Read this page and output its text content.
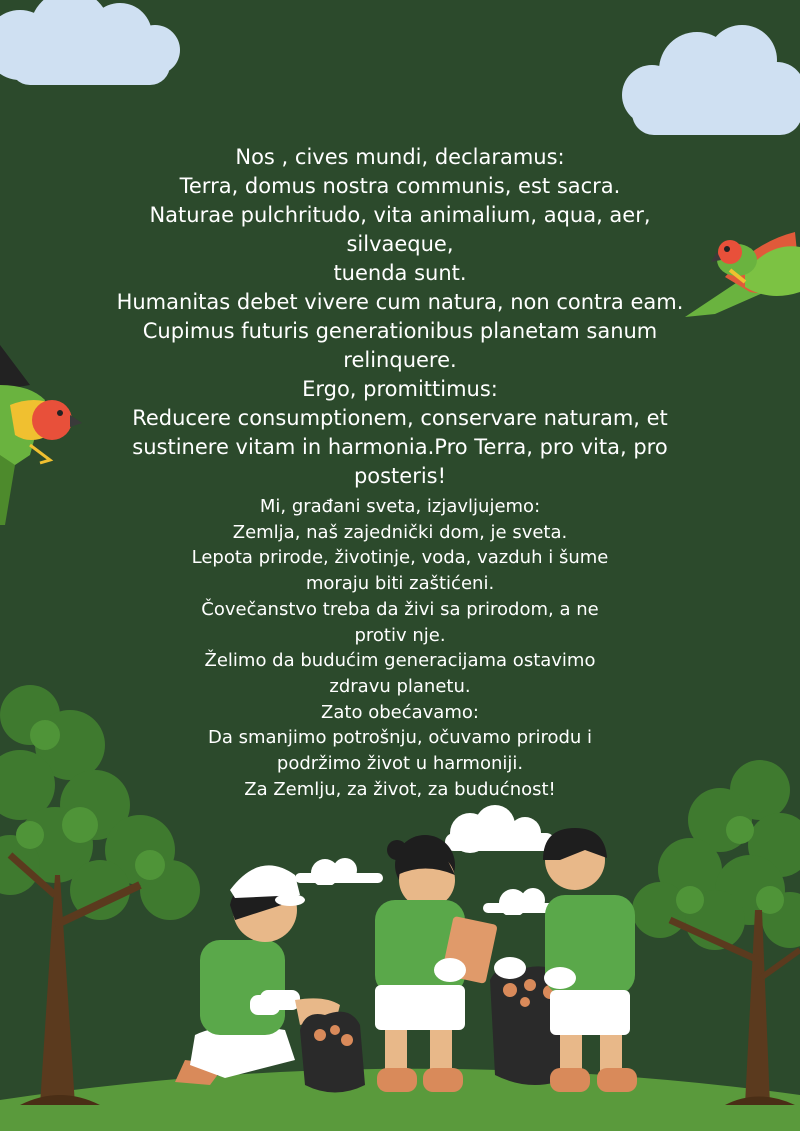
Nos , cives mundi, declaramus:
Terra, domus nostra communis, est sacra.
Naturae pulchritudo, vita animalium, aqua, aer, silvaeque,
tuenda sunt.
Humanitas debet vivere cum natura, non contra eam.
Cupimus futuris generationibus planetam sanum
relinquere.
Ergo, promittimus:
Reducere consumptionem, conservare naturam, et
sustinere vitam in harmonia.Pro Terra, pro vita, pro
posteris!
Mi, građani sveta, izjavljujemo:
Zemlja, naš zajednički dom, je sveta.
Lepota prirode, životinje, voda, vazduh i šume
moraju biti zaštićeni.
Čovečanstvo treba da živi sa prirodom, a ne
protiv nje.
Želimo da budućim generacijama ostavimo
zdravu planetu.
Zato obećavamo:
Da smanjimo potrošnju, očuvamo prirodu i
podržimo život u harmoniji.
Za Zemlju, za život, za budućnost!
